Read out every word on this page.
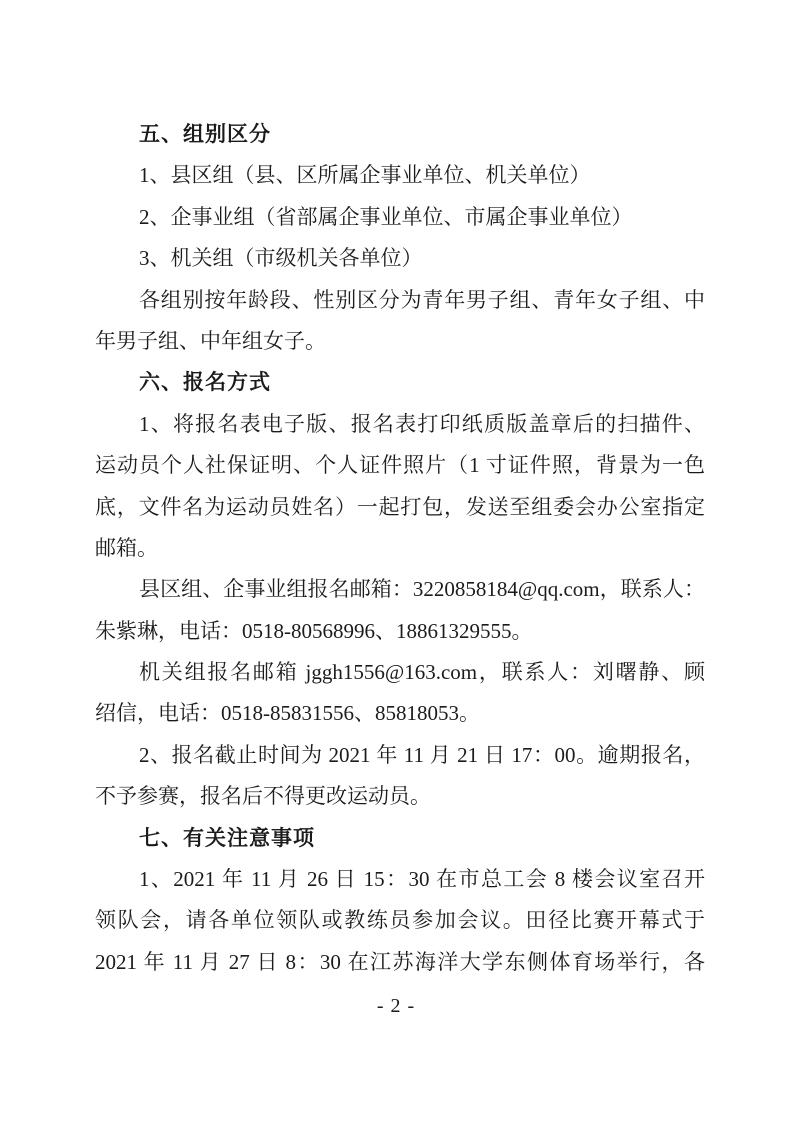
五、组别区分
1、县区组（县、区所属企事业单位、机关单位）
2、企事业组（省部属企事业单位、市属企事业单位）
3、机关组（市级机关各单位）
各组别按年龄段、性别区分为青年男子组、青年女子组、中
年男子组、中年组女子。
六、报名方式
1、将报名表电子版、报名表打印纸质版盖章后的扫描件、
运动员个人社保证明、个人证件照片（1 寸证件照，背景为一色
底，文件名为运动员姓名）一起打包，发送至组委会办公室指定
邮箱。
县区组、企事业组报名邮箱：3220858184@qq.com，联系人：
朱紫琳，电话：0518-80568996、18861329555。
机关组报名邮箱 jggh1556@163.com，联系人：刘曙静、顾
绍信，电话：0518-85831556、85818053。
2、报名截止时间为 2021 年 11 月 21 日 17：00。逾期报名，
不予参赛，报名后不得更改运动员。
七、有关注意事项
1、2021 年 11 月 26 日 15：30 在市总工会 8 楼会议室召开
领队会，请各单位领队或教练员参加会议。田径比赛开幕式于
2021 年 11 月 27 日 8：30 在江苏海洋大学东侧体育场举行，各
- 2 -
